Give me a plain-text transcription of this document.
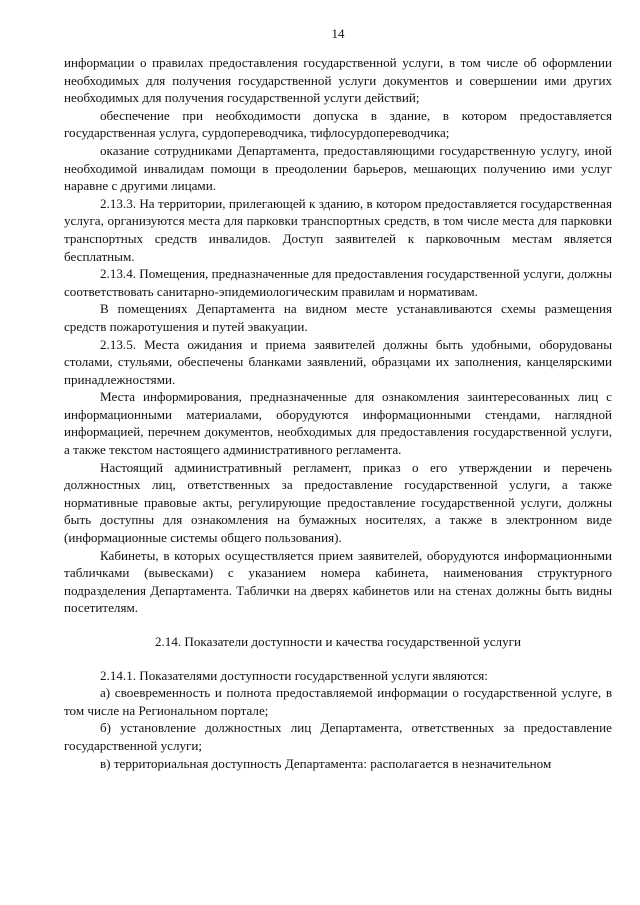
14

информации о правилах предоставления государственной услуги, в том числе об оформлении необходимых для получения государственной услуги документов и совершении ими других необходимых для получения государственной услуги действий;

обеспечение при необходимости допуска в здание, в котором предоставляется государственная услуга, сурдопереводчика, тифлосурдопереводчика;

оказание сотрудниками Департамента, предоставляющими государственную услугу, иной необходимой инвалидам помощи в преодолении барьеров, мешающих получению ими услуг наравне с другими лицами.

2.13.3. На территории, прилегающей к зданию, в котором предоставляется государственная услуга, организуются места для парковки транспортных средств, в том числе места для парковки транспортных средств инвалидов. Доступ заявителей к парковочным местам является бесплатным.

2.13.4. Помещения, предназначенные для предоставления государственной услуги, должны соответствовать санитарно-эпидемиологическим правилам и нормативам.

В помещениях Департамента на видном месте устанавливаются схемы размещения средств пожаротушения и путей эвакуации.

2.13.5. Места ожидания и приема заявителей должны быть удобными, оборудованы столами, стульями, обеспечены бланками заявлений, образцами их заполнения, канцелярскими принадлежностями.

Места информирования, предназначенные для ознакомления заинтересованных лиц с информационными материалами, оборудуются информационными стендами, наглядной информацией, перечнем документов, необходимых для предоставления государственной услуги, а также текстом настоящего административного регламента.

Настоящий административный регламент, приказ о его утверждении и перечень должностных лиц, ответственных за предоставление государственной услуги, а также нормативные правовые акты, регулирующие предоставление государственной услуги, должны быть доступны для ознакомления на бумажных носителях, а также в электронном виде (информационные системы общего пользования).

Кабинеты, в которых осуществляется прием заявителей, оборудуются информационными табличками (вывесками) с указанием номера кабинета, наименования структурного подразделения Департамента. Таблички на дверях кабинетов или на стенах должны быть видны посетителям.

2.14. Показатели доступности и качества государственной услуги

2.14.1. Показателями доступности государственной услуги являются:

а) своевременность и полнота предоставляемой информации о государственной услуге, в том числе на Региональном портале;

б) установление должностных лиц Департамента, ответственных за предоставление государственной услуги;

в) территориальная доступность Департамента: располагается в незначительном
